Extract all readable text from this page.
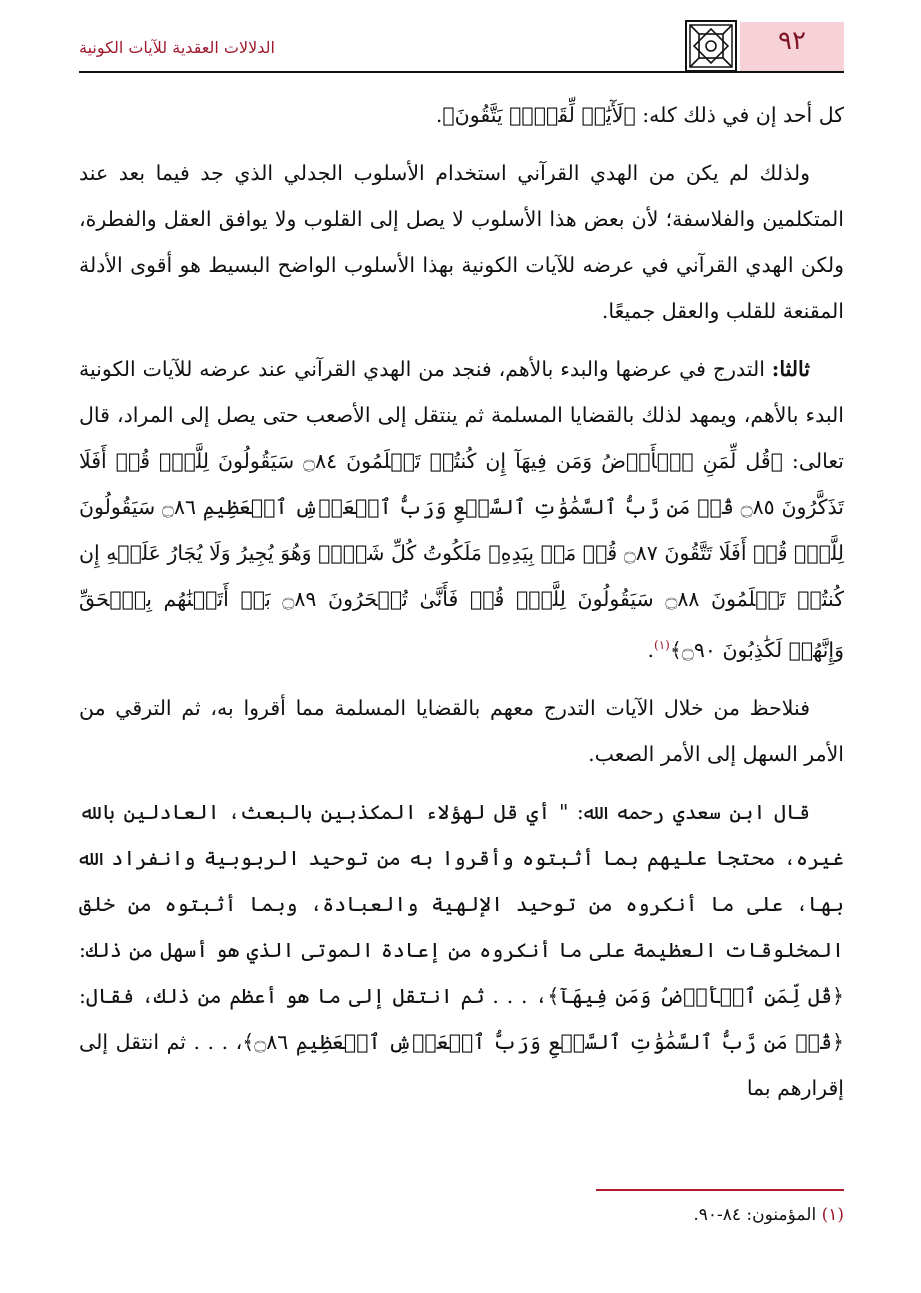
٩٢
الدلالات العقدية للآيات الكونية

كل أحد إن في ذلك كله: ﴿لَأٓيَٰتٖ لِّقَوۡمٖ يَتَّقُونَ﴾.

ولذلك لم يكن من الهدي القرآني استخدام الأسلوب الجدلي الذي جد فيما بعد عند المتكلمين والفلاسفة؛ لأن بعض هذا الأسلوب لا يصل إلى القلوب ولا يوافق العقل والفطرة، ولكن الهدي القرآني في عرضه للآيات الكونية بهذا الأسلوب الواضح البسيط هو أقوى الأدلة المقنعة للقلب والعقل جميعًا.

ثالثا: التدرج في عرضها والبدء بالأهم، فنجد من الهدي القرآني عند عرضه للآيات الكونية البدء بالأهم، ويمهد لذلك بالقضايا المسلمة ثم ينتقل إلى الأصعب حتى يصل إلى المراد، قال تعالى: ﴿قُل لِّمَنِ ٱلۡأَرۡضُ وَمَن فِيهَآ إِن كُنتُمۡ تَعۡلَمُونَ ۝٨٤ سَيَقُولُونَ لِلَّهِۚ قُلۡ أَفَلَا تَذَكَّرُونَ ۝٨٥ قُلۡ مَن رَّبُّ ٱلسَّمَٰوَٰتِ ٱلسَّبۡعِ وَرَبُّ ٱلۡعَرۡشِ ٱلۡعَظِيمِ ۝٨٦ سَيَقُولُونَ لِلَّهِۚ قُلۡ أَفَلَا تَتَّقُونَ ۝٨٧ قُلۡ مَنۢ بِيَدِهِۦ مَلَكُوتُ كُلِّ شَيۡءٖ وَهُوَ يُجِيرُ وَلَا يُجَارُ عَلَيۡهِ إِن كُنتُمۡ تَعۡلَمُونَ ۝٨٨ سَيَقُولُونَ لِلَّهِۚ قُلۡ فَأَنَّىٰ تُسۡحَرُونَ ۝٨٩ بَلۡ أَتَيۡنَٰهُم بِٱلۡحَقِّ وَإِنَّهُمۡ لَكَٰذِبُونَ ۝٩٠﴾$^{(١)}$.

فنلاحظ من خلال الآيات التدرج معهم بالقضايا المسلمة مما أقروا به، ثم الترقي من الأمر السهل إلى الأمر الصعب.

قال ابن سعدي رحمه الله: " أي قل لهؤلاء المكذبين بالبعث، العادلين بالله غيره، محتجا عليهم بما أثبتوه وأقروا به من توحيد الربوبية وانفراد الله بها، على ما أنكروه من توحيد الإلهية والعبادة، وبما أثبتوه من خلق المخلوقات العظيمة على ما أنكروه من إعادة الموتى الذي هو أسهل من ذلك: ﴿قُل لِّمَنِ ٱلۡأَرۡضُ وَمَن فِيهَآ﴾، . . . ثم انتقل إلى ما هو أعظم من ذلك، فقال: ﴿قُلۡ مَن رَّبُّ ٱلسَّمَٰوَٰتِ ٱلسَّبۡعِ وَرَبُّ ٱلۡعَرۡشِ ٱلۡعَظِيمِ ۝٨٦﴾، . . . ثم انتقل إلى إقرارهم بما

(١) المؤمنون: ٨٤-٩٠.
